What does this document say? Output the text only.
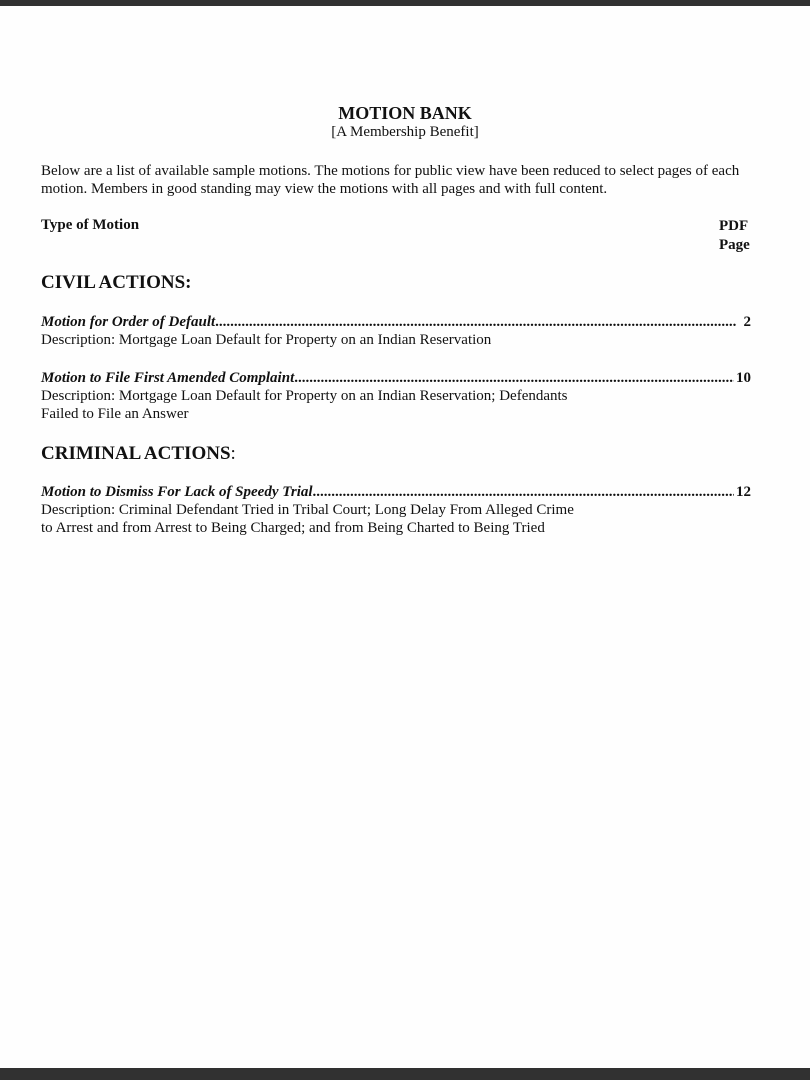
MOTION BANK
[A Membership Benefit]
Below are a list of available sample motions. The motions for public view have been reduced to select pages of each motion. Members in good standing may view the motions with all pages and with full content.
Type of Motion	PDF
Page
CIVIL ACTIONS:
Motion for Order of Default .....	2
Description: Mortgage Loan Default for Property on an Indian Reservation
Motion to File First Amended Complaint .....	10
Description: Mortgage Loan Default for Property on an Indian Reservation; Defendants
Failed to File an Answer
CRIMINAL ACTIONS:
Motion to Dismiss For Lack of Speedy Trial .....	12
Description: Criminal Defendant Tried in Tribal Court; Long Delay From Alleged Crime
to Arrest and from Arrest to Being Charged; and from Being Charted to Being Tried
